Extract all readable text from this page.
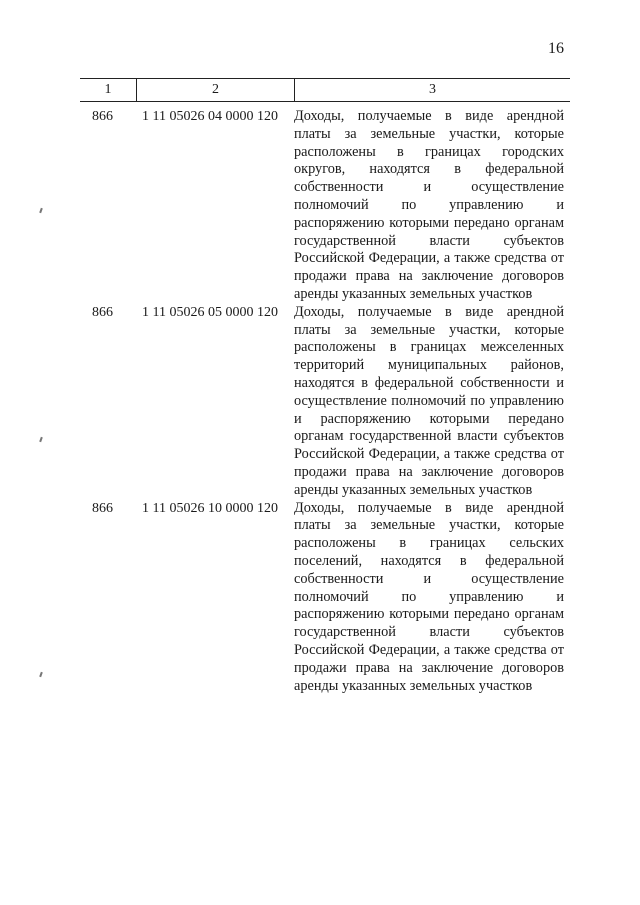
16
1	2	3
866	1 11 05026 04 0000 120	Доходы, получаемые в виде арендной платы за земельные участки, которые расположены в границах городских округов, находятся в федеральной собственности и осуществление полномочий по управлению и распоряжению которыми передано органам государственной власти субъектов Российской Федерации, а также средства от продажи права на заключение договоров аренды указанных земельных участков
866	1 11 05026 05 0000 120	Доходы, получаемые в виде арендной платы за земельные участки, которые расположены в границах межселенных территорий муниципальных районов, находятся в федеральной собственности и осуществление полномочий по управлению и распоряжению которыми передано органам государственной власти субъектов Российской Федерации, а также средства от продажи права на заключение договоров аренды указанных земельных участков
866	1 11 05026 10 0000 120	Доходы, получаемые в виде арендной платы за земельные участки, которые расположены в границах сельских поселений, находятся в федеральной собственности и осуществление полномочий по управлению и распоряжению которыми передано органам государственной власти субъектов Российской Федерации, а также средства от продажи права на заключение договоров аренды указанных земельных участков
